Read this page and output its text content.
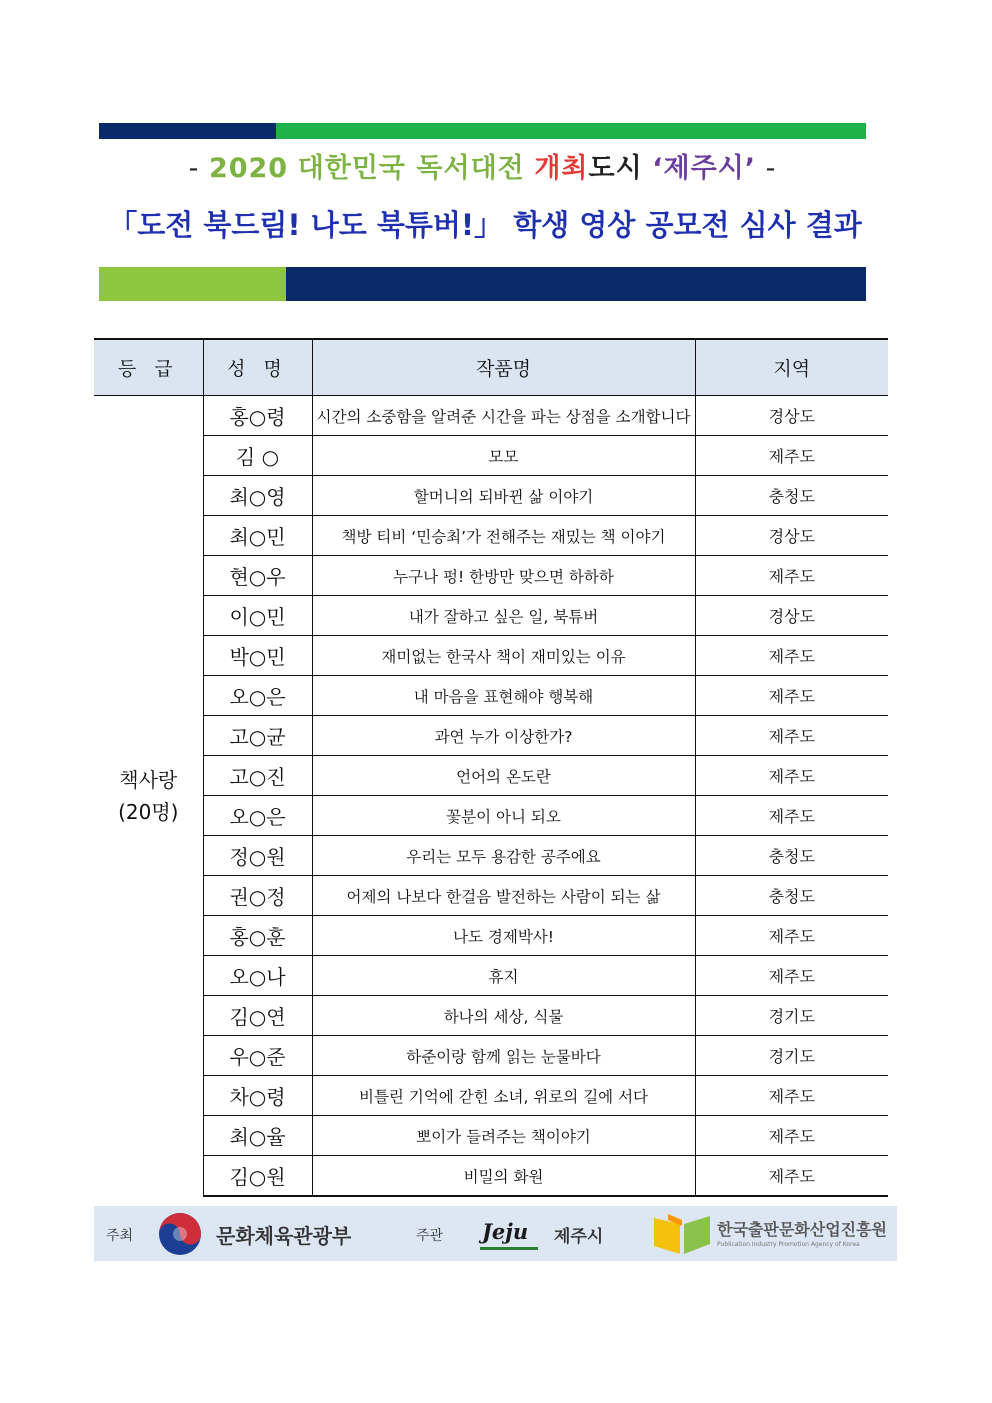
- 2020 대한민국 독서대전 개최도시 ‘제주시’ -
「도전 북드림! 나도 북튜버!」 학생 영상 공모전 심사 결과
등 급	성 명	작품명	지역

책사랑
(20명)	홍○령	시간의 소중함을 알려준 시간을 파는 상점을 소개합니다	경상도
	김 ○	모모	제주도
	최○영	할머니의 되바뀐 삶 이야기	충청도
	최○민	책방 티비 ‘민승최’가 전해주는 재밌는 책 이야기	경상도
	현○우	누구나 펑! 한방만 맞으면 하하하	제주도
	이○민	내가 잘하고 싶은 일, 북튜버	경상도
	박○민	재미없는 한국사 책이 재미있는 이유	제주도
	오○은	내 마음을 표현해야 행복해	제주도
	고○균	과연 누가 이상한가?	제주도
	고○진	언어의 온도란	제주도
	오○은	꽃분이 아니 되오	제주도
	정○원	우리는 모두 용감한 공주에요	충청도
	권○정	어제의 나보다 한걸음 발전하는 사람이 되는 삶	충청도
	홍○훈	나도 경제박사!	제주도
	오○나	휴지	제주도
	김○연	하나의 세상, 식물	경기도
	우○준	하준이랑 함께 읽는 눈물바다	경기도
	차○령	비틀린 기억에 갇힌 소녀, 위로의 길에 서다	제주도
	최○율	뽀이가 들려주는 책이야기	제주도
	김○원	비밀의 화원	제주도
주최	문화체육관광부	주관 Jeju 제주시	한국출판문화산업진흥원
Publication Industry Promotion Agency of Korea
